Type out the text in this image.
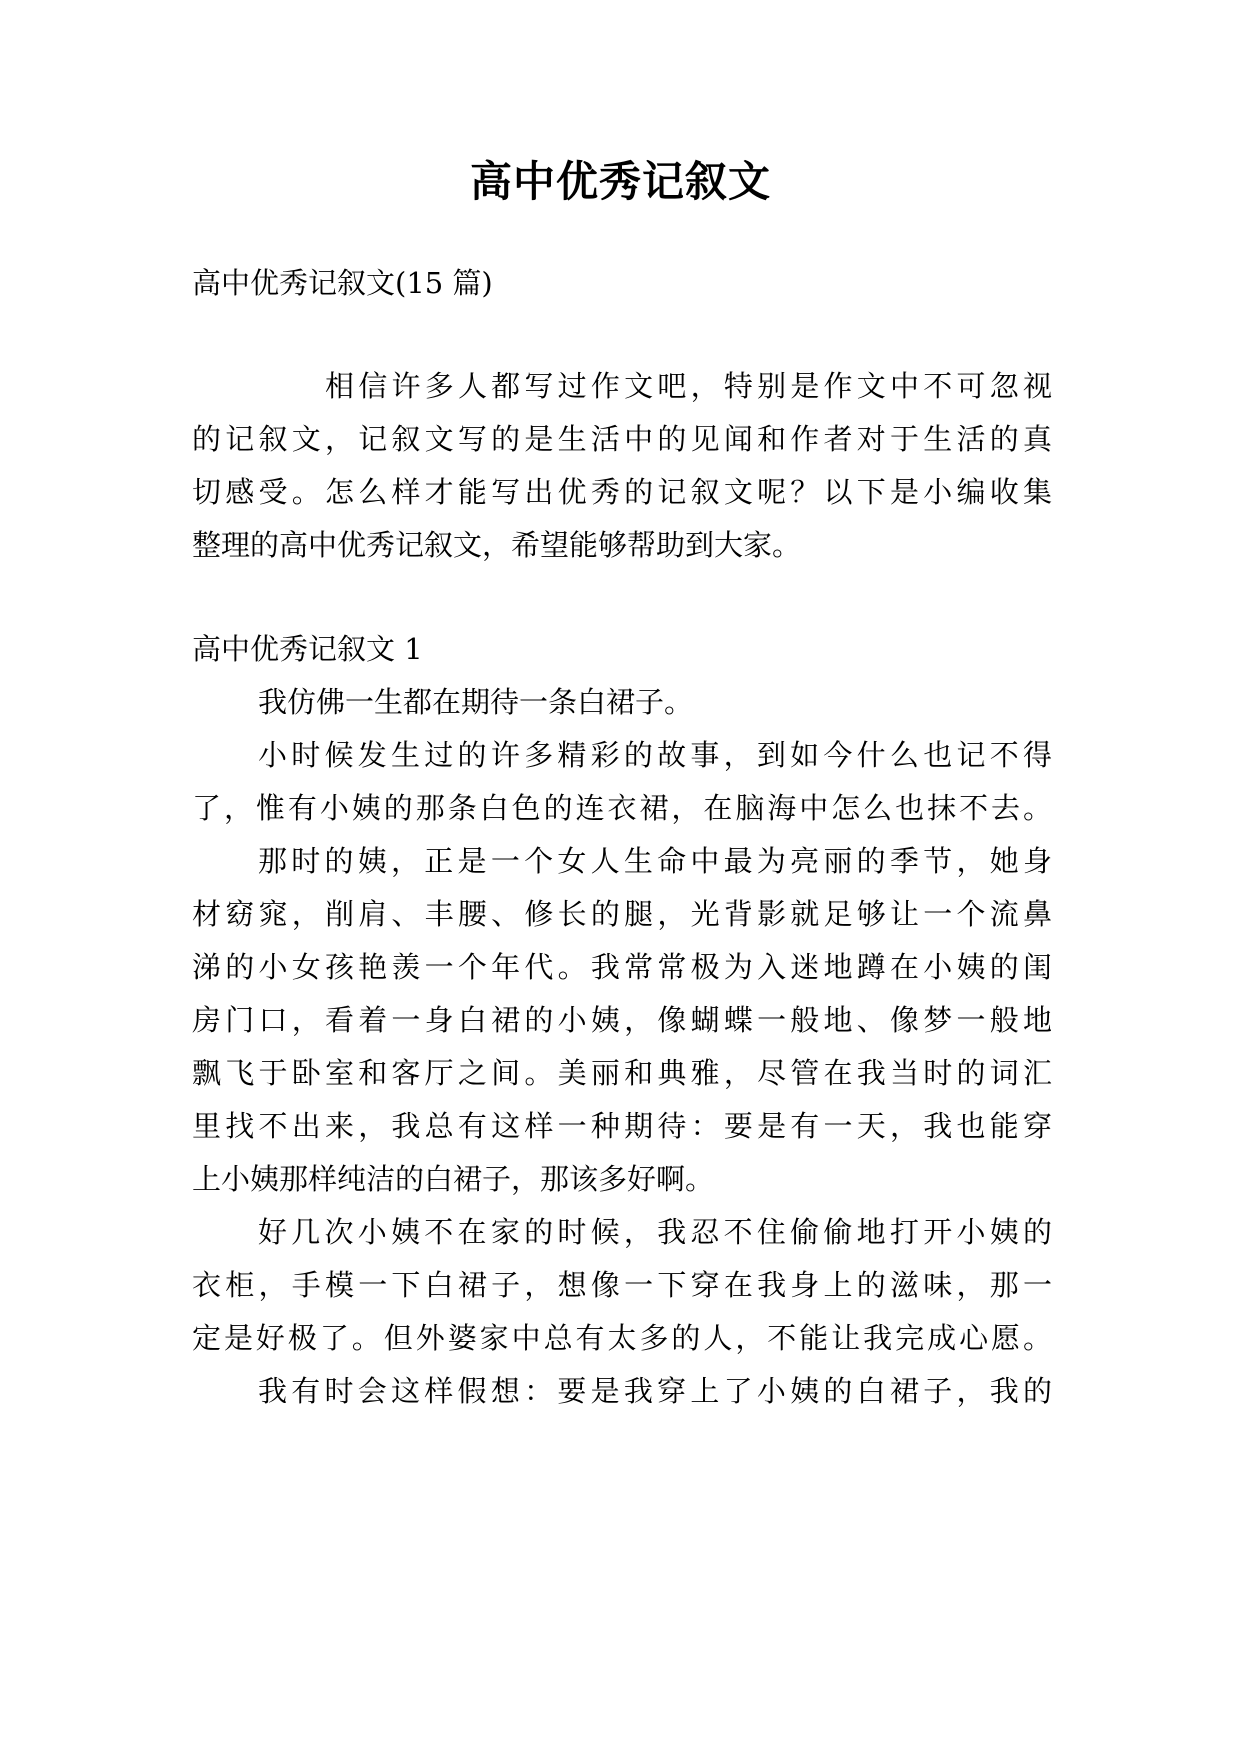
高中优秀记叙文
高中优秀记叙文(15 篇)
相信许多人都写过作文吧，特别是作文中不可忽视
的记叙文，记叙文写的是生活中的见闻和作者对于生活的真
切感受。怎么样才能写出优秀的记叙文呢？以下是小编收集
整理的高中优秀记叙文，希望能够帮助到大家。
高中优秀记叙文 1
我仿佛一生都在期待一条白裙子。
小时候发生过的许多精彩的故事，到如今什么也记不得
了，惟有小姨的那条白色的连衣裙，在脑海中怎么也抹不去。
那时的姨，正是一个女人生命中最为亮丽的季节，她身
材窈窕，削肩、丰腰、修长的腿，光背影就足够让一个流鼻
涕的小女孩艳羡一个年代。我常常极为入迷地蹲在小姨的闺
房门口，看着一身白裙的小姨，像蝴蝶一般地、像梦一般地
飘飞于卧室和客厅之间。美丽和典雅，尽管在我当时的词汇
里找不出来，我总有这样一种期待：要是有一天，我也能穿
上小姨那样纯洁的白裙子，那该多好啊。
好几次小姨不在家的时候，我忍不住偷偷地打开小姨的
衣柜，手模一下白裙子，想像一下穿在我身上的滋味，那一
定是好极了。但外婆家中总有太多的人，不能让我完成心愿。
我有时会这样假想：要是我穿上了小姨的白裙子，我的
